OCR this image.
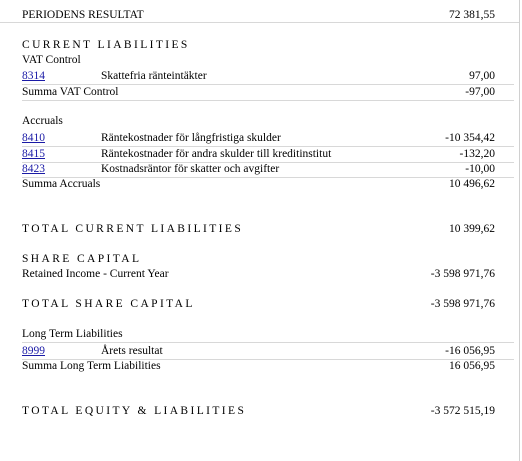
PERIODENS RESULTAT	72 381,55
CURRENT LIABILITIES
VAT Control
8314	Skattefria ränteintäkter	97,00
Summa VAT Control	-97,00
Accruals
8410	Räntekostnader för långfristiga skulder	-10 354,42
8415	Räntekostnader för andra skulder till kreditinstitut	-132,20
8423	Kostnadsräntor för skatter och avgifter	-10,00
Summa Accruals	10 496,62
TOTAL CURRENT LIABILITIES	10 399,62
SHARE CAPITAL
Retained Income - Current Year	-3 598 971,76
TOTAL SHARE CAPITAL	-3 598 971,76
Long Term Liabilities
8999	Årets resultat	-16 056,95
Summa Long Term Liabilities	16 056,95
TOTAL EQUITY & LIABILITIES	-3 572 515,19
